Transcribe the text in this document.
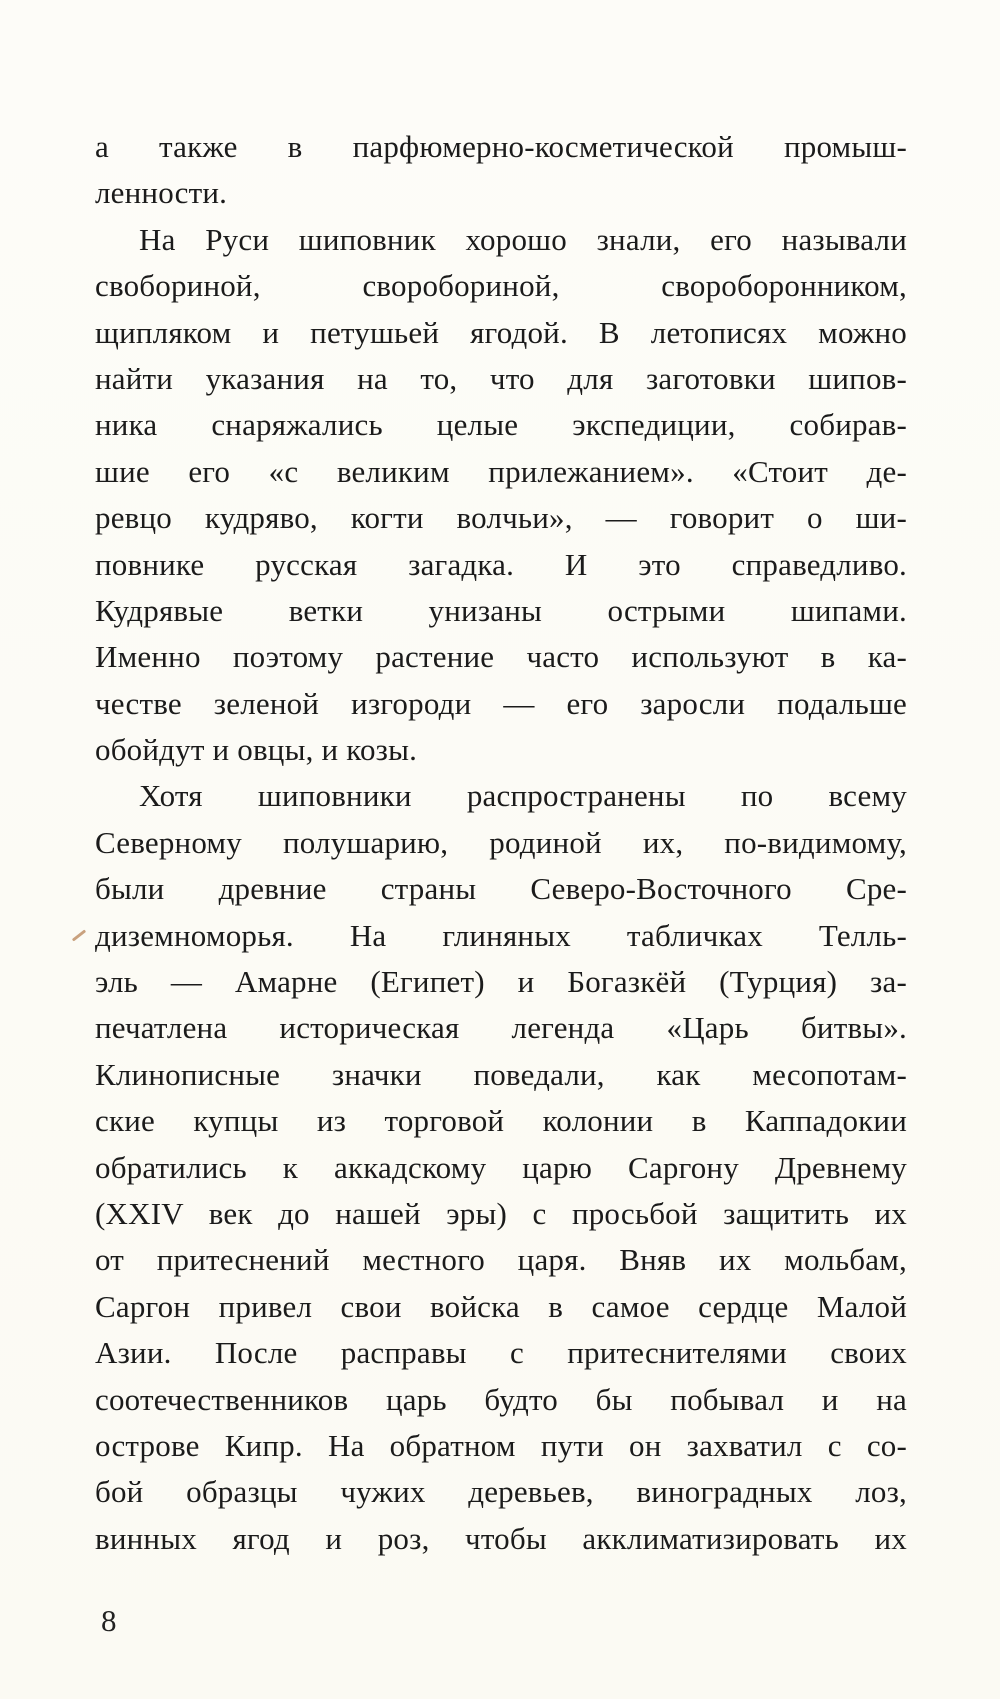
а также в парфюмерно-косметической промыш-
ленности.
На Руси шиповник хорошо знали, его называли
свобориной, своробориной, свороборонником,
щипляком и петушьей ягодой. В летописях можно
найти указания на то, что для заготовки шипов-
ника снаряжались целые экспедиции, собирав-
шие его «с великим прилежанием». «Стоит де-
ревцо кудряво, когти волчьи», — говорит о ши-
повнике русская загадка. И это справедливо.
Кудрявые ветки унизаны острыми шипами.
Именно поэтому растение часто используют в ка-
честве зеленой изгороди — его заросли подальше
обойдут и овцы, и козы.
Хотя шиповники распространены по всему
Северному полушарию, родиной их, по-видимому,
были древние страны Северо-Восточного Сре-
диземноморья. На глиняных табличках Телль-
эль — Амарне (Египет) и Богазкёй (Турция) за-
печатлена историческая легенда «Царь битвы».
Клинописные значки поведали, как месопотам-
ские купцы из торговой колонии в Каппадокии
обратились к аккадскому царю Саргону Древнему
(XXIV век до нашей эры) с просьбой защитить их
от притеснений местного царя. Вняв их мольбам,
Саргон привел свои войска в самое сердце Малой
Азии. После расправы с притеснителями своих
соотечественников царь будто бы побывал и на
острове Кипр. На обратном пути он захватил с со-
бой образцы чужих деревьев, виноградных лоз,
винных ягод и роз, чтобы акклиматизировать их
8
